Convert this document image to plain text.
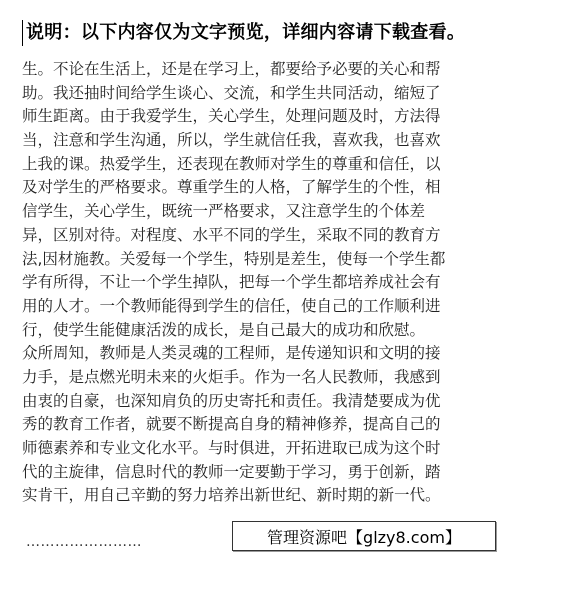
说明：以下内容仅为文字预览，详细内容请下载查看。
生。不论在生活上，还是在学习上，都要给予必要的关心和帮
助。我还抽时间给学生谈心、交流，和学生共同活动，缩短了
师生距离。由于我爱学生，关心学生，处理问题及时，方法得
当，注意和学生沟通，所以，学生就信任我，喜欢我，也喜欢
上我的课。热爱学生，还表现在教师对学生的尊重和信任，以
及对学生的严格要求。尊重学生的人格，了解学生的个性，相
信学生，关心学生，既统一严格要求，又注意学生的个体差
异，区别对待。对程度、水平不同的学生，采取不同的教育方
法,因材施教。关爱每一个学生，特别是差生，使每一个学生都
学有所得，不让一个学生掉队，把每一个学生都培养成社会有
用的人才。一个教师能得到学生的信任，使自己的工作顺利进
行，使学生能健康活泼的成长，是自己最大的成功和欣慰。
众所周知，教师是人类灵魂的工程师，是传递知识和文明的接
力手，是点燃光明未来的火炬手。作为一名人民教师，我感到
由衷的自豪，也深知肩负的历史寄托和责任。我清楚要成为优
秀的教育工作者，就要不断提高自身的精神修养，提高自己的
师德素养和专业文化水平。与时俱进，开拓进取已成为这个时
代的主旋律，信息时代的教师一定要勤于学习，勇于创新，踏
实肯干，用自己辛勤的努力培养出新世纪、新时期的新一代。
……………………	管理资源吧【glzy8.com】
